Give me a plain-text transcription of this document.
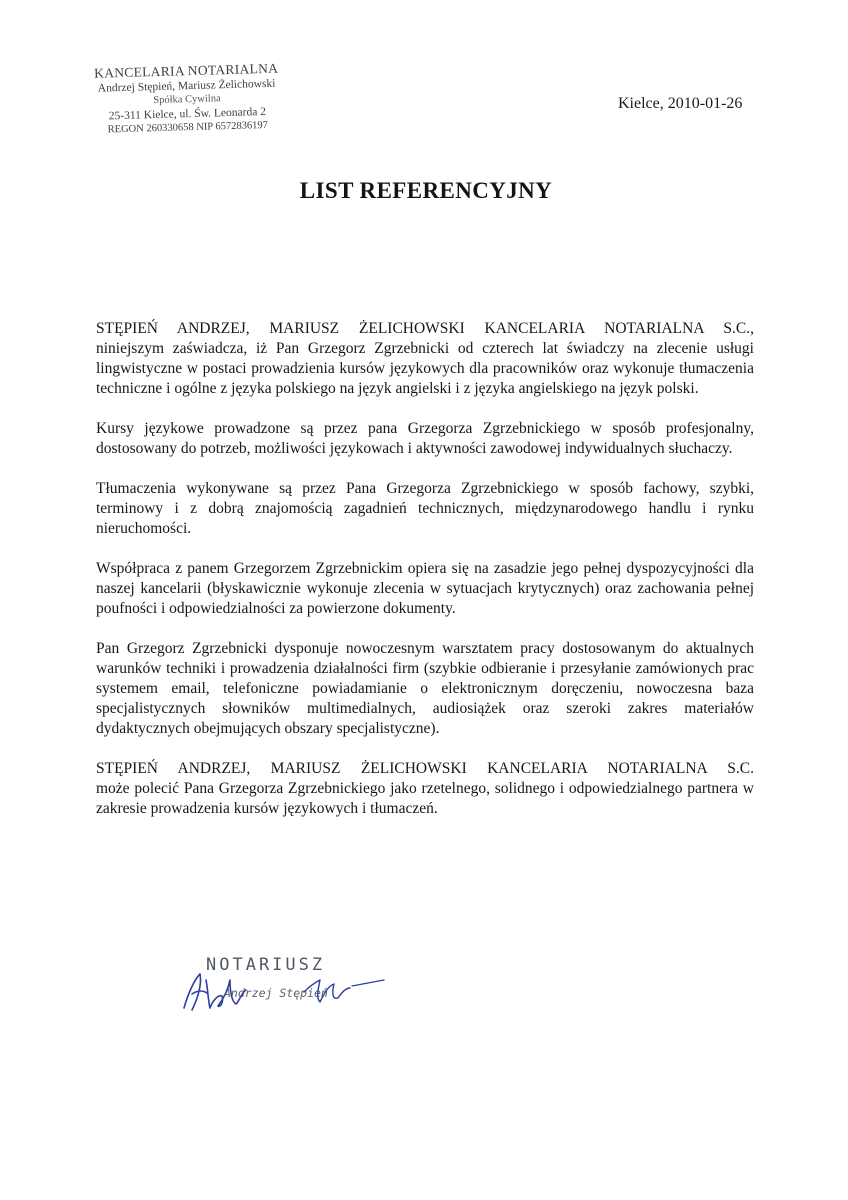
KANCELARIA NOTARIALNA
Andrzej Stępień, Mariusz Żelichowski
Spółka Cywilna
25-311 Kielce, ul. Św. Leonarda 2
REGON 260330658 NIP 6572836197
Kielce, 2010-01-26
LIST REFERENCYJNY

STĘPIEŃ ANDRZEJ, MARIUSZ ŻELICHOWSKI KANCELARIA NOTARIALNA S.C.,
niniejszym zaświadcza, iż Pan Grzegorz Zgrzebnicki od czterech lat świadczy na zlecenie usługi lingwistyczne w postaci prowadzienia kursów językowych dla pracowników oraz wykonuje tłumaczenia techniczne i ogólne z języka polskiego na język angielski i z języka angielskiego na język polski.

Kursy językowe prowadzone są przez pana Grzegorza Zgrzebnickiego w sposób profesjonalny, dostosowany do potrzeb, możliwości językowach i aktywności zawodowej indywidualnych słuchaczy.

Tłumaczenia wykonywane są przez Pana Grzegorza Zgrzebnickiego w sposób fachowy, szybki, terminowy i z dobrą znajomością zagadnień technicznych, międzynarodowego handlu i rynku nieruchomości.

Współpraca z panem Grzegorzem Zgrzebnickim opiera się na zasadzie jego pełnej dyspozycyjności dla naszej kancelarii (błyskawicznie wykonuje zlecenia w sytuacjach krytycznych) oraz zachowania pełnej poufności i odpowiedzialności za powierzone dokumenty.

Pan Grzegorz Zgrzebnicki dysponuje nowoczesnym warsztatem pracy dostosowanym do aktualnych warunków techniki i prowadzenia działalności firm (szybkie odbieranie i przesyłanie zamówionych prac systemem email, telefoniczne powiadamianie o elektronicznym doręczeniu, nowoczesna baza specjalistycznych słowników multimedialnych, audiosiążek oraz szeroki zakres materiałów dydaktycznych obejmujących obszary specjalistyczne).

STĘPIEŃ ANDRZEJ, MARIUSZ ŻELICHOWSKI KANCELARIA NOTARIALNA S.C.
może polecić Pana Grzegorza Zgrzebnickiego jako rzetelnego, solidnego i odpowiedzialnego partnera w zakresie prowadzenia kursów językowych i tłumaczeń.

NOTARIUSZ
Andrzej Stępień
